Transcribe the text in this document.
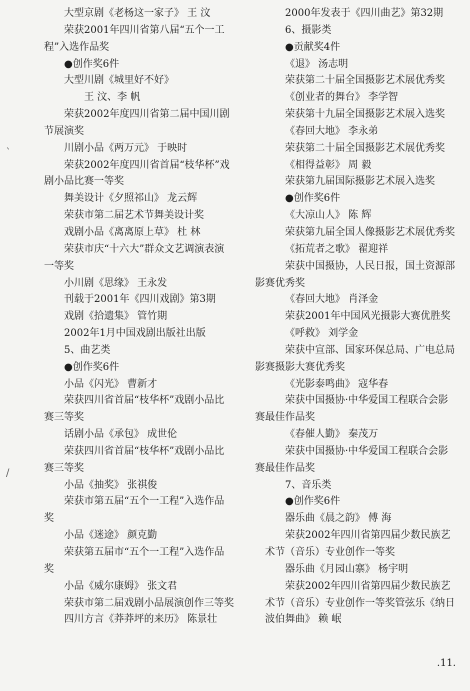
大型京剧《老杨这一家子》 王 汶
荣获2001年四川省第八届“五个一工
程”入选作品奖
●创作奖6件
大型川剧《城里好不好》
王 汶、李 帆
荣获2002年度四川省第二届中国川剧
节展演奖
川剧小品《两万元》 于映时
荣获2002年度四川省首届“枝华杯”戏
剧小品比赛一等奖
舞美设计《夕照祁山》 龙云辉
荣获市第二届艺术节舞美设计奖
戏剧小品《离离原上草》 杜 林
荣获市庆“十六大”群众文艺调演表演
一等奖
小川剧《思缘》 王永发
刊载于2001年《四川戏剧》第3期
戏剧《拾遗集》 管竹期
2002年1月中国戏剧出版社出版
5、曲艺类
●创作奖6件
小品《闪光》 曹新才
荣获四川省首届“枝华杯”戏剧小品比
赛三等奖
话剧小品《承包》 成世伦
荣获四川省首届“枝华杯”戏剧小品比
赛三等奖
小品《抽奖》 张祺俊
荣获市第五届“五个一工程”入选作品
奖
小品《迷途》 颜克勤
荣获第五届市“五个一工程”入选作品
奖
小品《威尔康姆》 张文君
荣获市第二届戏剧小品展演创作三等奖
四川方言《莽莽坪的来历》 陈景壮
2000年发表于《四川曲艺》第32期
6、摄影类
●贡献奖4件
《退》 汤志明
荣获第二十届全国摄影艺术展优秀奖
《创业者的舞台》 李学智
荣获第十九届全国摄影艺术展入选奖
《春回大地》 李永弟
荣获第二十届全国摄影艺术展优秀奖
《相得益彰》 周 毅
荣获第九届国际摄影艺术展入选奖
●创作奖6件
《大凉山人》 陈 辉
荣获第九届全国人像摄影艺术展优秀奖
《拓荒者之歌》 翟迎祥
荣获中国摄协，人民日报，国土资源部
影赛优秀奖
《春回大地》 肖泽金
荣获2001年中国风光摄影大赛优胜奖
《呼救》 刘学金
荣获中宣部、国家环保总局、广电总局
影赛摄影大赛优秀奖
《光影泰鸣曲》 寇华春
荣获中国摄协·中华爱国工程联合会影
赛最佳作品奖
《春催人勤》 秦茂万
荣获中国摄协·中华爱国工程联合会影
赛最佳作品奖
7、音乐类
●创作奖6件
器乐曲《晨之韵》 傅 海
荣获2002年四川省第四届少数民族艺
术节（音乐）专业创作一等奖
器乐曲《月园山寨》 杨宇明
荣获2002年四川省第四届少数民族艺
术节（音乐）专业创作一等奖管弦乐《纳日
波伯舞曲》 赖 岷
ˋ
/
.11.
